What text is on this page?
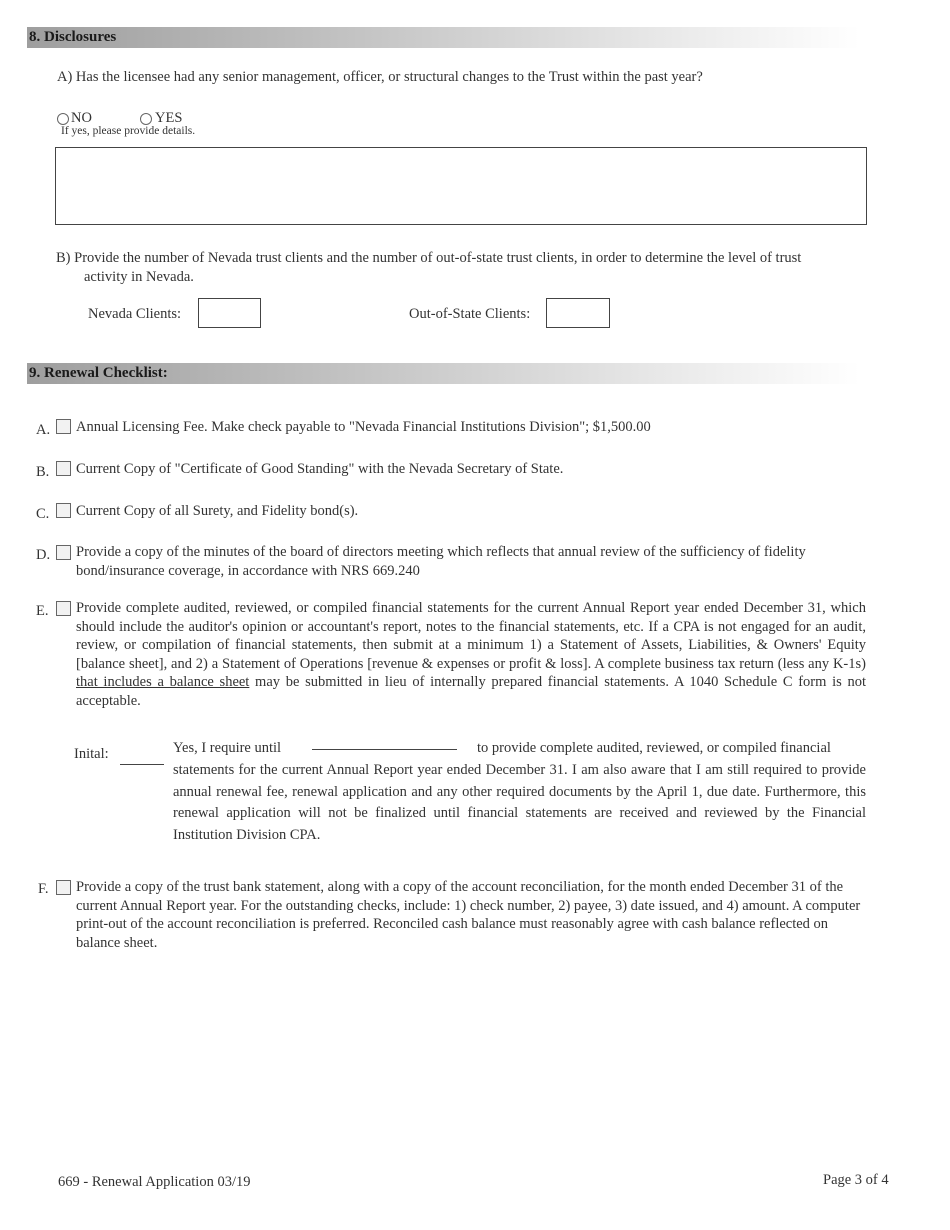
8. Disclosures
A) Has the licensee had any senior management, officer, or structural changes to the Trust within the past year?
NO	YES
If yes, please provide details.
B) Provide the number of Nevada trust clients and the number of out-of-state trust clients, in order to determine the level of trust
activity in Nevada.
Nevada Clients:	Out-of-State Clients:
9. Renewal Checklist:
A. Annual Licensing Fee. Make check payable to "Nevada Financial Institutions Division"; $1,500.00
B. Current Copy of "Certificate of Good Standing" with the Nevada Secretary of State.
C. Current Copy of all Surety, and Fidelity bond(s).
D. Provide a copy of the minutes of the board of directors meeting which reflects that annual review of the sufficiency of fidelity bond/insurance coverage, in accordance with NRS 669.240
E. Provide complete audited, reviewed, or compiled financial statements for the current Annual Report year ended December 31, which should include the auditor's opinion or accountant's report, notes to the financial statements, etc. If a CPA is not engaged for an audit, review, or compilation of financial statements, then submit at a minimum 1) a Statement of Assets, Liabilities, & Owners' Equity [balance sheet], and 2) a Statement of Operations [revenue & expenses or profit & loss]. A complete business tax return (less any K-1s) that includes a balance sheet may be submitted in lieu of internally prepared financial statements. A 1040 Schedule C form is not acceptable.
Inital:	Yes, I require until	to provide complete audited, reviewed, or compiled financial
statements for the current Annual Report year ended December 31. I am also aware that I am still required to provide annual renewal fee, renewal application and any other required documents by the April 1, due date. Furthermore, this renewal application will not be finalized until financial statements are received and reviewed by the Financial Institution Division CPA.
F. Provide a copy of the trust bank statement, along with a copy of the account reconciliation, for the month ended December 31 of the current Annual Report year. For the outstanding checks, include: 1) check number, 2) payee, 3) date issued, and 4) amount. A computer print-out of the account reconciliation is preferred. Reconciled cash balance must reasonably agree with cash balance reflected on balance sheet.
669 - Renewal Application 03/19	Page 3 of 4
